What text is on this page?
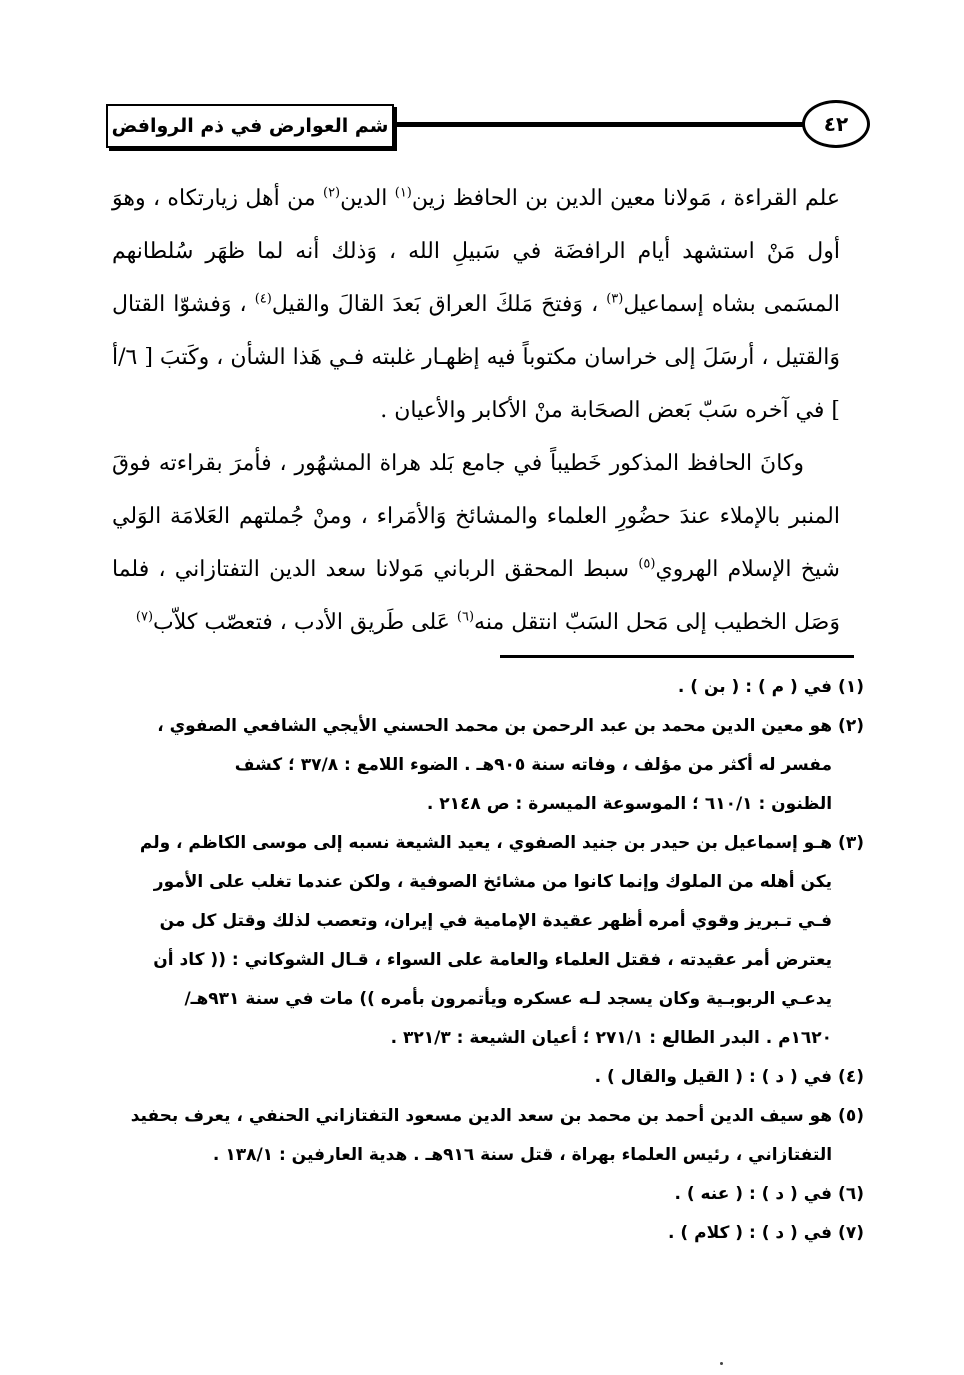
شم العوارض في ذم الروافض	٤٢

علم القراءة ، مَولانا معين الدين بن الحافظ زين$^{(١)}$ الدين$^{(٢)}$ من أهل زيارتكاه ، وهوَ أول مَنْ استشهد أيام الرافضَة في سَبيلِ الله ، وَذلك أنه لما ظهَر سُلطانهم المسَمى بشاه إسماعيل$^{(٣)}$ ، وَفتحَ مَلكَ العراق بَعدَ القالَ والقيل$^{(٤)}$ ، وَفشوّا القتال وَالقتيل ، أرسَلَ إلى خراسان مكتوباً فيه إظهـار غلبته فـي هَذا الشأن ، وكَتبَ [ ٦/أ ] في آخره سَبّ بَعض الصحَابة منْ الأكابر والأعيان .

وكانَ الحافظ المذكور خَطيباً في جامع بَلد هراة المشهُور ، فأمرَ بقراءته فوقَ المنبر بالإملاء عندَ حضُورِ العلماء والمشائخ وَالأمَراء ، ومنْ جُملتهم العَلامَة الوَلي شيخ الإسلام الهروي$^{(٥)}$ سبط المحقق الرباني مَولانا سعد الدين التفتازاني ، فلما وَصَل الخطيب إلى مَحل السَبّ انتقل منه$^{(٦)}$ عَلى طَريق الأدب ، فتعصّب كلاّب$^{(٧)}$

(١)
في ( م ) : ( بن ) .
(٢)
هو معين الدين محمد بن عبد الرحمن بن محمد الحسني الأيجي الشافعي الصفوي ،
مفسر له أكثر من مؤلف ، وفاته سنة ٩٠٥هـ . الضوء اللامع : ٣٧/٨ ؛ كشف
الظنون : ٦١٠/١ ؛ الموسوعة الميسرة : ص ٢١٤٨ .
(٣)
هـو إسماعيل بن حيدر بن جنيد الصفوي ، يعيد الشيعة نسبه إلى موسى الكاظم ، ولم
يكن أهله من الملوك وإنما كانوا من مشائخ الصوفية ، ولكن عندما تغلب على الأمور
فـي تـبريز وقوي أمره أظهر عقيدة الإمامية في إيران، وتعصب لذلك وقتل كل من
يعترض أمر عقيدته ، فقتل العلماء والعامة على السواء ، قـال الشوكاني : (( كاد أن
يدعـي الربوبـية وكان يسجد لـه عسكره ويأتمرون بأمره )) مات في سنة ٩٣١هـ/
١٦٢٠م . البدر الطالع : ٢٧١/١ ؛ أعيان الشيعة : ٣٢١/٣ .
(٤)
في ( د ) : ( القيل والقال ) .
(٥)
هو سيف الدين أحمد بن محمد بن سعد الدين مسعود التفتازاني الحنفي ، يعرف بحفيد
التفتازاني ، رئيس العلماء بهراة ، قتل سنة ٩١٦هـ . هدية العارفين : ١٣٨/١ .
(٦)
في ( د ) : ( عنه ) .
(٧)
في ( د ) : ( كلام ) .
